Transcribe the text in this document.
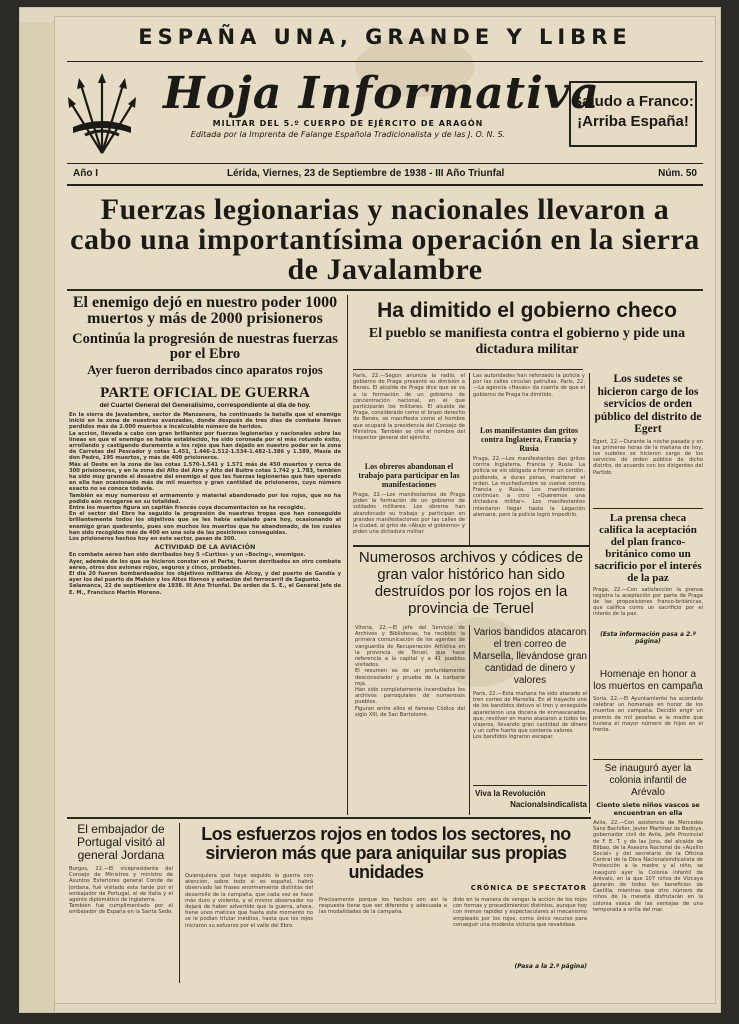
ESPAÑA UNA, GRANDE Y LIBRE
Hoja Informativa
MILITAR DEL 5.º CUERPO DE EJÉRCITO DE ARAGÓN
Editada por la Imprenta de Falange Española Tradicionalista y de las J. O. N. S.
Saludo a Franco:
¡Arriba España!
Año I	Lérida, Viernes, 23 de Septiembre de 1938 - III Año Triunfal	Núm. 50
Fuerzas legionarias y nacionales llevaron a cabo una importantísima operación en la sierra de Javalambre
El enemigo dejó en nuestro poder 1000 muertos y más de 2000 prisioneros
Continúa la progresión de nuestras fuerzas por el Ebro
Ayer fueron derribados cinco aparatos rojos
PARTE OFICIAL DE GUERRA
del Cuartel General del Generalísimo, correspondiente al día de hoy.
En la sierra de Javalambre, sector de Manzanera, ha continuado la batalla que el enemigo inició en la zona de nuestras avanzadas, donde después de tres días de combate llevan perdidos más de 2.000 muertos e incalculable número de heridos.
La acción, llevada a cabo con gran brillantez por fuerzas legionarias y nacionales sobre las líneas en que el enemigo se había establecido, ha sido coronada por el más rotundo éxito, arrollando y castigando duramente a los rojos que han dejado en nuestro poder en la zona de Carretas del Pescador y cotas 1.451, 1.446-1.512-1.534-1.482-1.386 y 1.389, Masía de don Pedro, 195 muertos, y más de 400 prisioneros.
Más al Oeste en la zona de las cotas 1.570-1.541 y 1.571 más de 450 muertos y cerca de 300 prisioneros, y en la zona del Alto del Aire y Alto del Buitre cotas 1.742 y 1.783, también ha sido muy grande el desastre del enemigo al que las fuerzas legionarias que han operado en ella han ocasionado más de mil muertos y gran cantidad de prisioneros, cuyo número exacto no se conoce todavía.
También es muy numeroso el armamento y material abandonado por los rojos, que no ha podido aún recogerse en su totalidad.
Entre los muertos figura un capitán francés cuya documentación se ha recogido.
En el sector del Ebro ha seguido la progresión de nuestras tropas que han conseguido brillantemente todos los objetivos que se les había señalado para hoy, ocasionando al enemigo gran quebranto, pues son muchos los muertos que ha abandonado, de los cuales han sido recogidos más de 400 en una sola de las posiciones conseguidas.
Los prisioneros hechos hoy en este sector, pasan de 300.
ACTIVIDAD DE LA AVIACIÓN
En combate aéreo han sido derribados hoy 5 «Curtiss» y un «Bocing», enemigos.
Ayer, además de los que se hicieron constar en el Parte, fueron derribados en otro combate aéreo, otros dos aviones rojos, seguros y cinco, probables.
El día 20 fueron bombardeados los objetivos militares de Alcoy, y del puerto de Gandía y ayer los del puerto de Mahón y los Altos Hornos y estación del ferrocarril de Sagunto.
Salamanca, 22 de septiembre de 1938. III Año Triunfal. De orden de S. E., el General Jefe de E. M., Francisco Martín Moreno.
Ha dimitido el gobierno checo
El pueblo se manifiesta contra el gobierno y pide una dictadura militar
París, 22.—Según anuncia la radio, el gobierno de Praga presentó su dimisión a Benes. El alcalde de Praga dice que se va a la formación de un gobierno de concentración nacional, en el que participarán los militares. El alcalde de Praga, considerado como el brazo derecho de Benes, se manifiesta como el hombre que ocupará la presidencia del Consejo de Ministros. También se cita el nombre del inspector general del ejército.
Los obreros abandonan el trabajo para participar en las manifestaciones
Praga, 22.—Los manifestantes de Praga piden la formación de un gobierno de soldados militares. Los obreros han abandonado su trabajo y participan en grandes manifestaciones por las calles de la ciudad, al grito de «Abajo el gobierno» y piden una dictadura militar.
Las autoridades han reforzado la policía y por las calles circulan patrullas. París, 22.—La agencia «Havas» da cuenta de que el gobierno de Praga ha dimitido.
Los manifestantes dan gritos contra Inglaterra, Francia y Rusia
Praga, 22.—Los manifestantes dan gritos contra Inglaterra, Francia y Rusia. La policía se vió obligada a formar un cordón, pudiendo, a duras penas, mantener el orden. La muchedumbre se vuelve contra Francia y Rusia. Los manifestantes continúan a coro «Queremos una dictadura militar». Los manifestantes intentaron llegar hasta la Legación alemana, pero la policía logró impedirlo.
Los sudetes se hicieron cargo de los servicios de orden público del distrito de Egert
Egert, 22.—Durante la noche pasada y en las primeras horas de la mañana de hoy, los sudetes se hicieron cargo de los servicios de orden público de dicho distrito, de acuerdo con los dirigentes del Partido.
La prensa checa califica la aceptación del plan franco-británico como un sacrificio por el interés de la paz
Praga, 22.—Con satisfacción la prensa registra la aceptación por parte de Praga de las proposiciones franco-británicas, que califica como un sacrificio por el interés de la paz.
(Esta información pasa a 2.ª página)
Numerosos archivos y códices de gran valor histórico han sido destruídos por los rojos en la provincia de Teruel
Vitoria, 22.—El jefe del Servicio de Archivos y Bibliotecas, ha recibido la primera comunicación de los agentes de vanguardia de Recuperación Artística en la provincia de Teruel, que hace referencia a la capital y a 41 pueblos visitados.
El resumen es de un profundamente desconsolador y prueba de la barbarie roja.
Han sido completamente incendiados los archivos parroquiales de numerosos pueblos.
Figuran entre ellos el famoso Códice del siglo XIII, de San Bartolomé.
Varios bandidos atacaron el tren correo de Marsella, llevándose gran cantidad de dinero y valores
París, 22.—Esta mañana ha sido atacado el tren correo de Marsella. En el trayecto uno de los bandidos detuvo el tren y enseguida aparecieron una docena de enmascarados, que, revólver en mano atacaron a todos los viajeros, llevando gran cantidad de dinero y un cofre fuerte que contenía valores.
Los bandidos lograron escapar.
Viva la Revolución
Nacionalsindicalista
Homenaje en honor a los muertos en campaña
Soria, 22.—El Ayuntamiento ha acordado celebrar un homenaje en honor de los muertos en campaña. Decidió erigir un premio de mil pesetas a la madre que tuviera el mayor número de hijos en el frente.
Se inauguró ayer la colonia infantil de Arévalo
Ciento siete niños vascos se encuentran en ella
Avila, 22.—Con asistencia de Mercedes Sanz Bachiller, Javier Martínez de Bedoya, gobernador civil de Avila, Jefe Provincial de F. E. T. y de las Jons, del alcalde de Bilbao, de la Asesora Nacional de «Auxilio Social» y del secretario de la Oficina Central de la Obra Nacionalsindicalista de Protección a la madre y al niño, se inauguró ayer la Colonia infantil de Arévalo, en la que 107 niños de Vizcaya gozarán de todos los beneficios de Castilla, mientras que otro número de niños de la meseta disfrutarán en la colonia vasca de las ventajas de una temporada a orilla del mar.
El embajador de Portugal visitó al general Jordana
Burgos, 22.—El vicepresidente del Consejo de Ministros y ministro de Asuntos Exteriores general Conde de Jordana, fué visitado esta tarde por el embajador de Portugal, el de Italia y el agente diplomático de Inglaterra.
También fué cumplimentado por el embajador de España en la Santa Sede.
Los esfuerzos rojos en todos los sectores, no sirvieron más que para aniquilar sus propias unidades
CRÓNICA DE SPECTATOR
Quienquiera que haya seguido la guerra con atención, sobre todo si es español, habrá observado las frases enormemente distintas del desarrollo de la campaña, que cada vez se hace más duro y violento, y el mismo observador no dejará de haber advertido que la guerra, ahora, tiene unos matices que hasta este momento no se le podían titular inéditos, hasta que los rojos iniciaron su esfuerzo por el valle del Ebro.
Precisamente porque los hechos son así la respuesta tiene que ser diferente y adecuada a las modalidades de la campaña.
dido en la manera de vengar la acción de los rojos con formas y procedimientos distintos, aunque hoy con menos rapidez y espectaculares al mecanismo empleado por los rojos, como único recurso para conseguir una modesta victoria que revalidase.
(Pasa a la 2.ª página)
